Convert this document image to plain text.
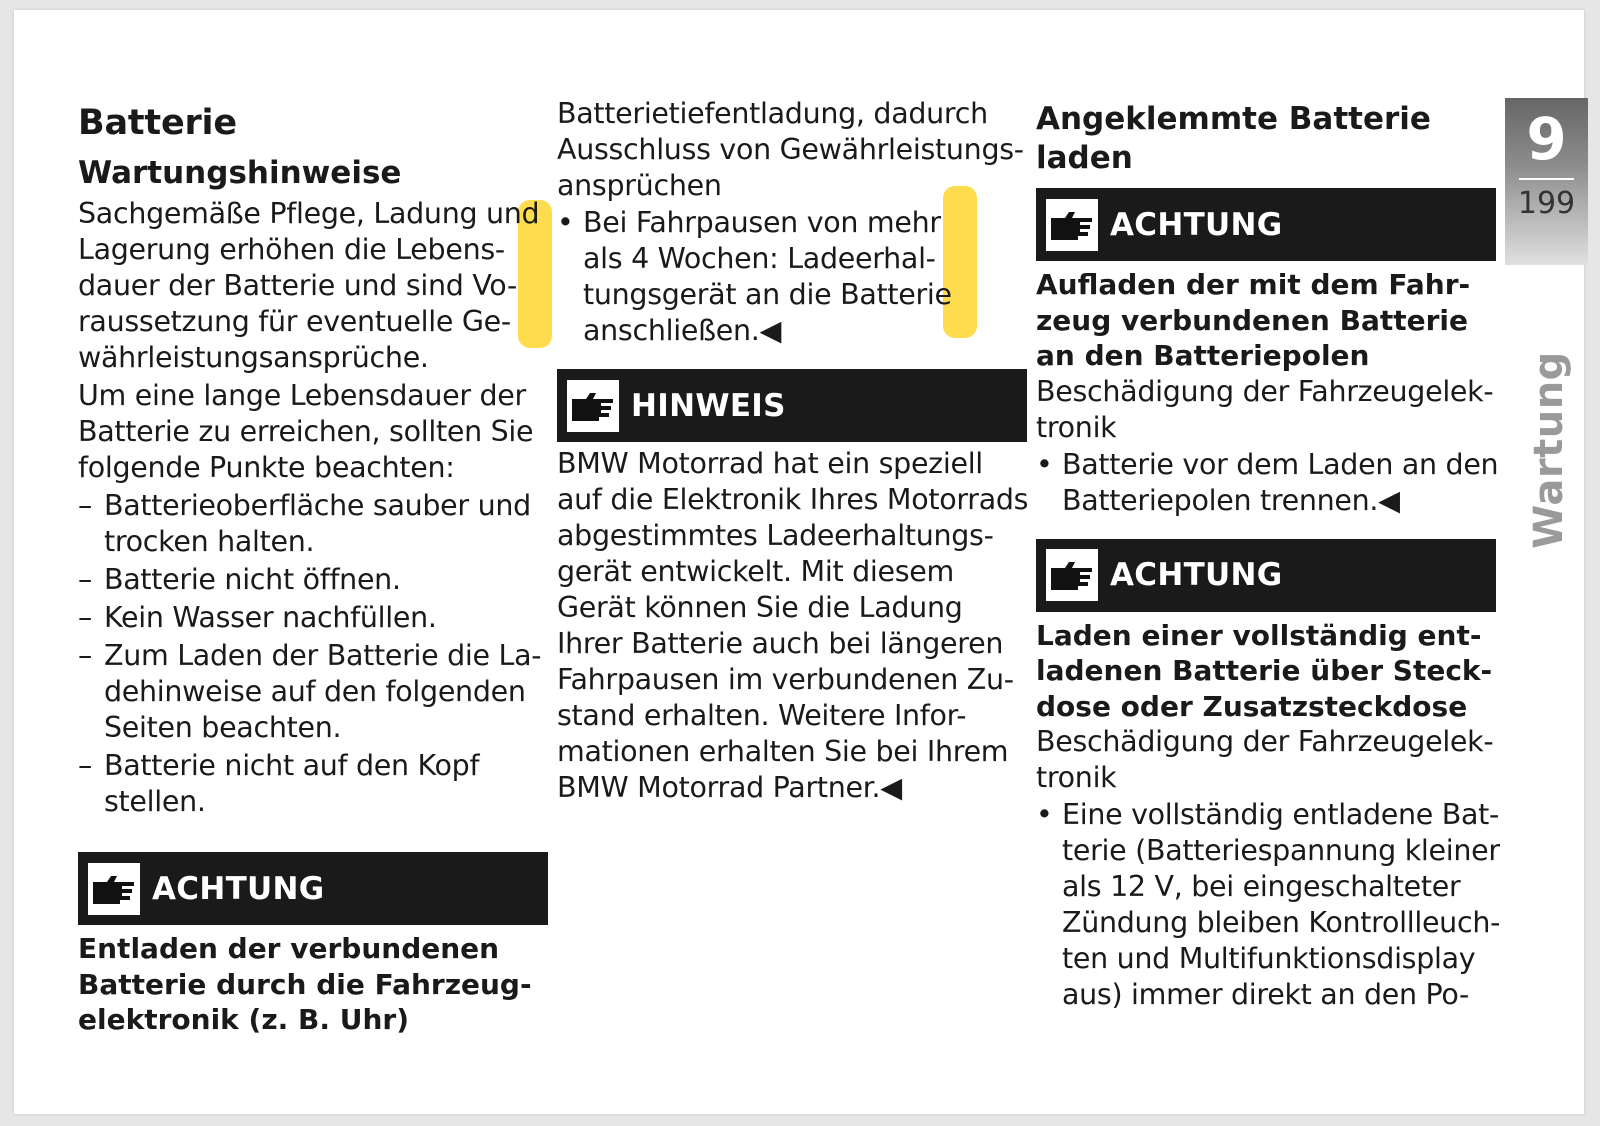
Batterie
Wartungshinweise
Sachgemäße Pflege, Ladung und
Lagerung erhöhen die Lebens-
dauer der Batterie und sind Vo-
raussetzung für eventuelle Ge-
währleistungsansprüche.
Um eine lange Lebensdauer der
Batterie zu erreichen, sollten Sie
folgende Punkte beachten:
– Batterieoberfläche sauber und
trocken halten.
– Batterie nicht öffnen.
– Kein Wasser nachfüllen.
– Zum Laden der Batterie die La-
dehinweise auf den folgenden
Seiten beachten.
– Batterie nicht auf den Kopf
stellen.
ACHTUNG
Entladen der verbundenen
Batterie durch die Fahrzeug-
elektronik (z. B. Uhr)
Batterietiefentladung, dadurch
Ausschluss von Gewährleistungs-
ansprüchen
• Bei Fahrpausen von mehr
als 4 Wochen: Ladeerhal-
tungsgerät an die Batterie
anschließen.◀
HINWEIS
BMW Motorrad hat ein speziell
auf die Elektronik Ihres Motorrads
abgestimmtes Ladeerhaltungs-
gerät entwickelt. Mit diesem
Gerät können Sie die Ladung
Ihrer Batterie auch bei längeren
Fahrpausen im verbundenen Zu-
stand erhalten. Weitere Infor-
mationen erhalten Sie bei Ihrem
BMW Motorrad Partner.◀
Angeklemmte Batterie
laden
ACHTUNG
Aufladen der mit dem Fahr-
zeug verbundenen Batterie
an den Batteriepolen
Beschädigung der Fahrzeugelek-
tronik
• Batterie vor dem Laden an den
Batteriepolen trennen.◀
ACHTUNG
Laden einer vollständig ent-
ladenen Batterie über Steck-
dose oder Zusatzsteckdose
Beschädigung der Fahrzeugelek-
tronik
• Eine vollständig entladene Bat-
terie (Batteriespannung kleiner
als 12 V, bei eingeschalteter
Zündung bleiben Kontrollleuch-
ten und Multifunktionsdisplay
aus) immer direkt an den Po-
9
199
Wartung
